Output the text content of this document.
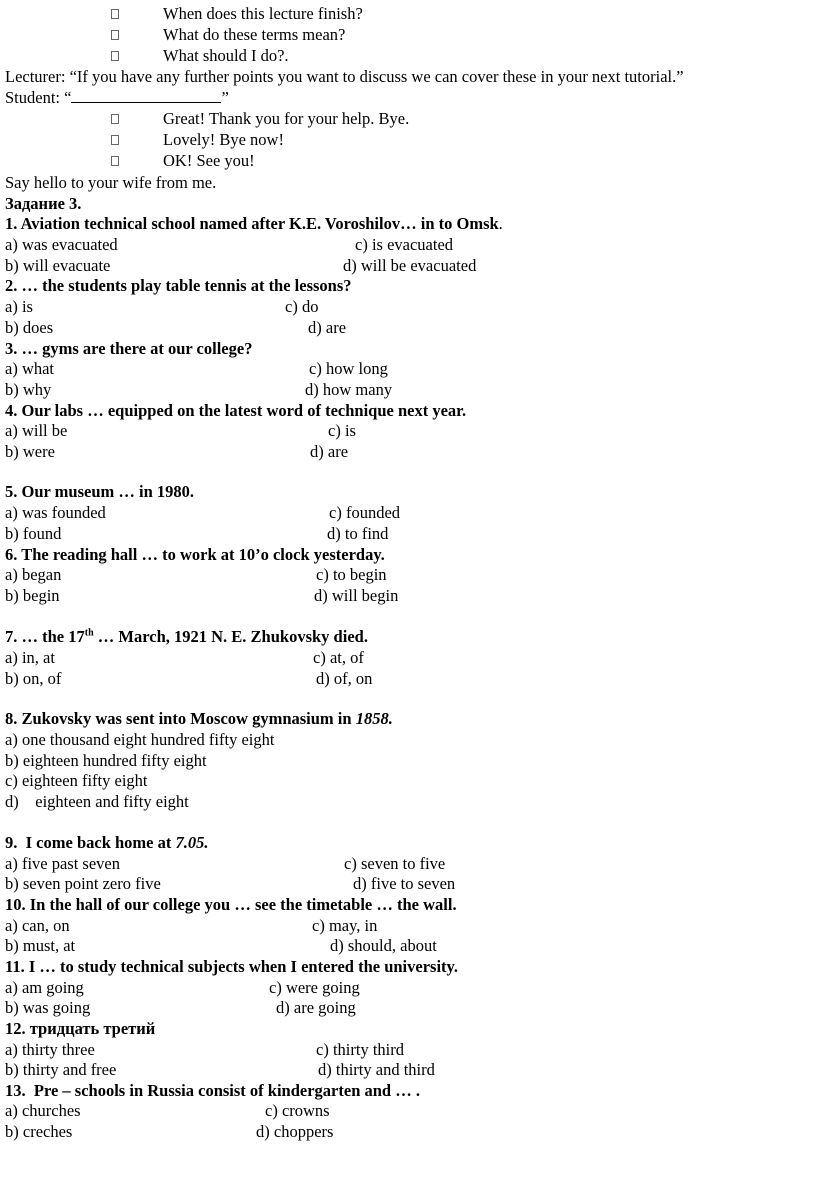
When does this lecture finish?
What do these terms mean?
What should I do?.
Lecturer: “If you have any further points you want to discuss we can cover these in your next tutorial.”
Student: “	”
Great! Thank you for your help. Bye.
Lovely! Bye now!
OK! See you!
Say hello to your wife from me.
Задание 3.
1. Aviation technical school named after K.E. Voroshilov… in to Omsk.
a) was evacuated	c) is evacuated
b) will evacuate	d) will be evacuated
2. … the students play table tennis at the lessons?
a) is	c) do
b) does	d) are
3. … gyms are there at our college?
a) what	c) how long
b) why	d) how many
4. Our labs … equipped on the latest word of technique next year.
a) will be	c) is
b) were	d) are
5. Our museum … in 1980.
a) was founded	c) founded
b) found	d) to find
6. The reading hall … to work at 10’o clock yesterday.
a) began	c) to begin
b) begin	d) will begin
7. … the 17th … March, 1921 N. E. Zhukovsky died.
a) in, at	c) at, of
b) on, of	d) of, on
8. Zukovsky was sent into Moscow gymnasium in 1858.
a) one thousand eight hundred fifty eight
b) eighteen hundred fifty eight
c) eighteen fifty eight
d)    eighteen and fifty eight
9.  I come back home at 7.05.
a) five past seven	c) seven to five
b) seven point zero five	d) five to seven
10. In the hall of our college you … see the timetable … the wall.
a) can, on	c) may, in
b) must, at	d) should, about
11. I … to study technical subjects when I entered the university.
a) am going	c) were going
b) was going	d) are going
12. тридцать третий
a) thirty three	c) thirty third
b) thirty and free	d) thirty and third
13.  Pre – schools in Russia consist of kindergarten and … .
a) churches	c) crowns
b) creches	d) choppers
